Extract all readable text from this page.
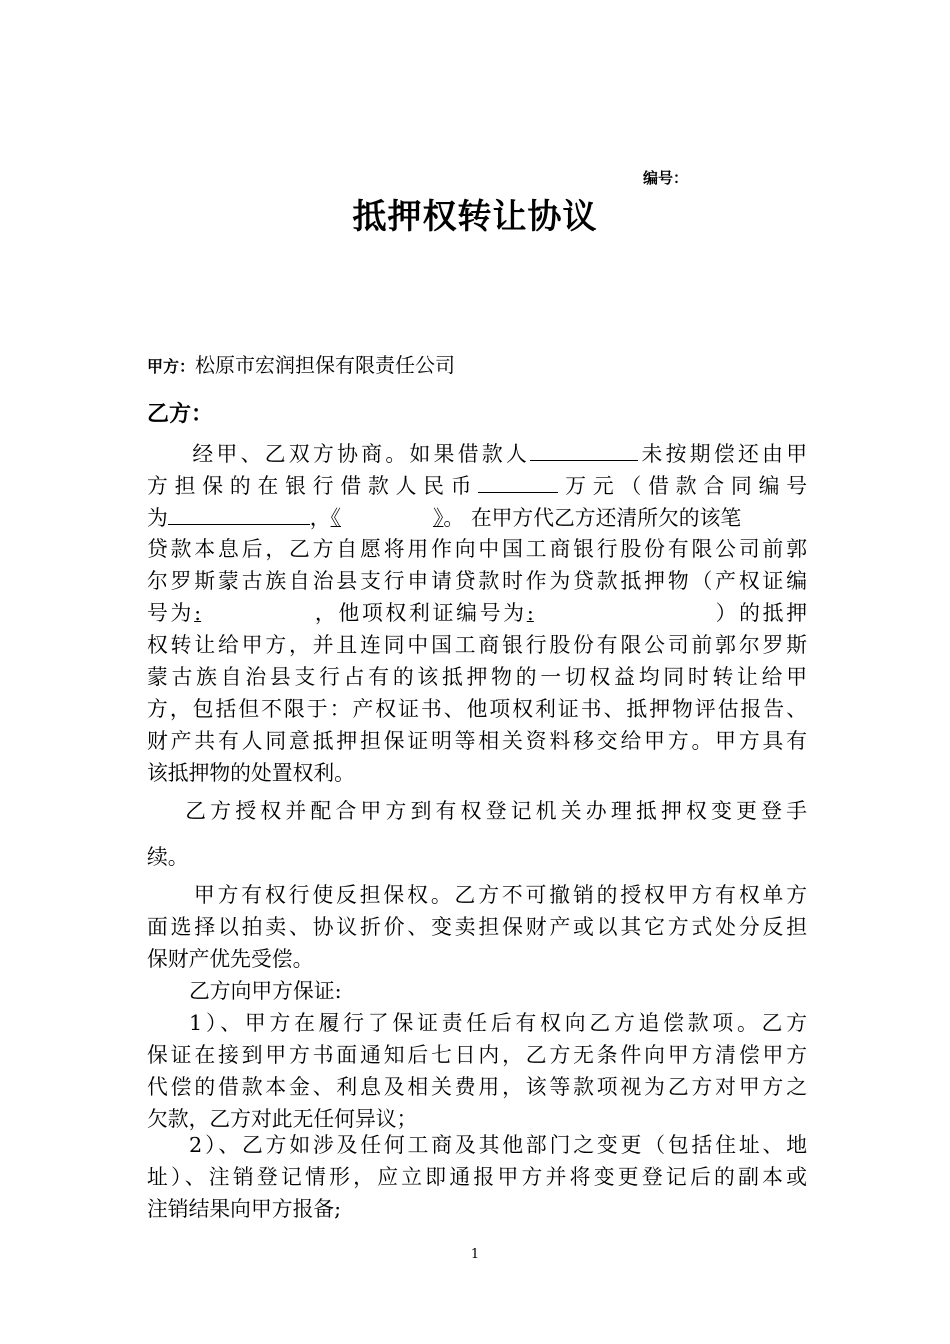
编号：
抵押权转让协议
甲方：松原市宏润担保有限责任公司
乙方：
经甲、乙双方协商。如果借款人	未按期偿还由甲
方担保的在银行借款人民币	万元（借款合同编号
为	，《	》。 在甲方代乙方还清所欠的该笔
贷款本息后，乙方自愿将用作向中国工商银行股份有限公司前郭
尔罗斯蒙古族自治县支行申请贷款时作为贷款抵押物（产权证编
号为:	，他项权利证编号为:	）的抵押
权转让给甲方，并且连同中国工商银行股份有限公司前郭尔罗斯
蒙古族自治县支行占有的该抵押物的一切权益均同时转让给甲
方，包括但不限于：产权证书、他项权利证书、抵押物评估报告、
财产共有人同意抵押担保证明等相关资料移交给甲方。甲方具有
该抵押物的处置权利。
乙方授权并配合甲方到有权登记机关办理抵押权变更登手
续。
甲方有权行使反担保权。乙方不可撤销的授权甲方有权单方
面选择以拍卖、协议折价、变卖担保财产或以其它方式处分反担
保财产优先受偿。
乙方向甲方保证:
1）、甲方在履行了保证责任后有权向乙方追偿款项。乙方
保证在接到甲方书面通知后七日内，乙方无条件向甲方清偿甲方
代偿的借款本金、利息及相关费用，该等款项视为乙方对甲方之
欠款，乙方对此无任何异议；
2）、乙方如涉及任何工商及其他部门之变更（包括住址、地
址）、注销登记情形，应立即通报甲方并将变更登记后的副本或
注销结果向甲方报备;
1
